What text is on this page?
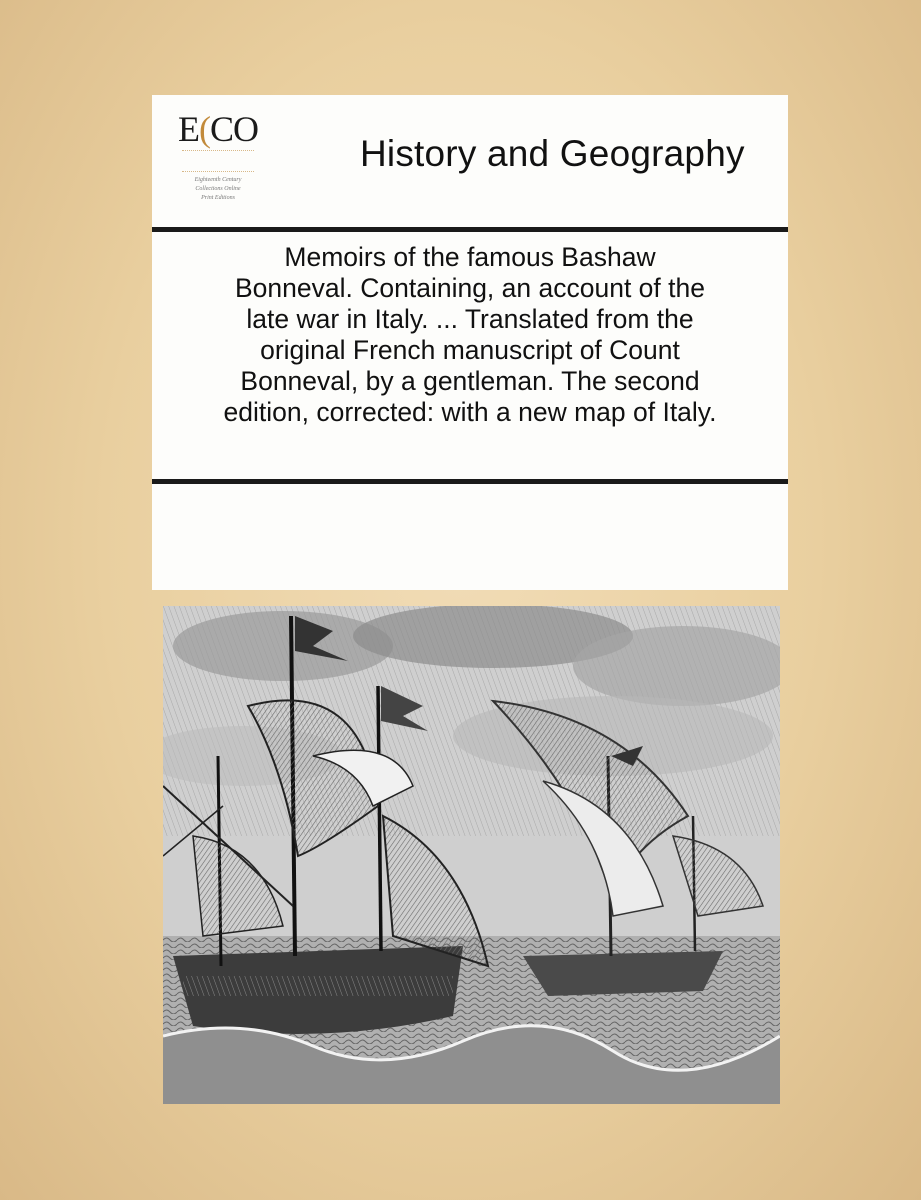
E(CO
Eighteenth Century
Collections Online
Print Editions
History and Geography
Memoirs of the famous Bashaw
Bonneval. Containing, an account of the
late war in Italy. ... Translated from the
original French manuscript of Count
Bonneval, by a gentleman. The second
edition, corrected: with a new map of Italy.
